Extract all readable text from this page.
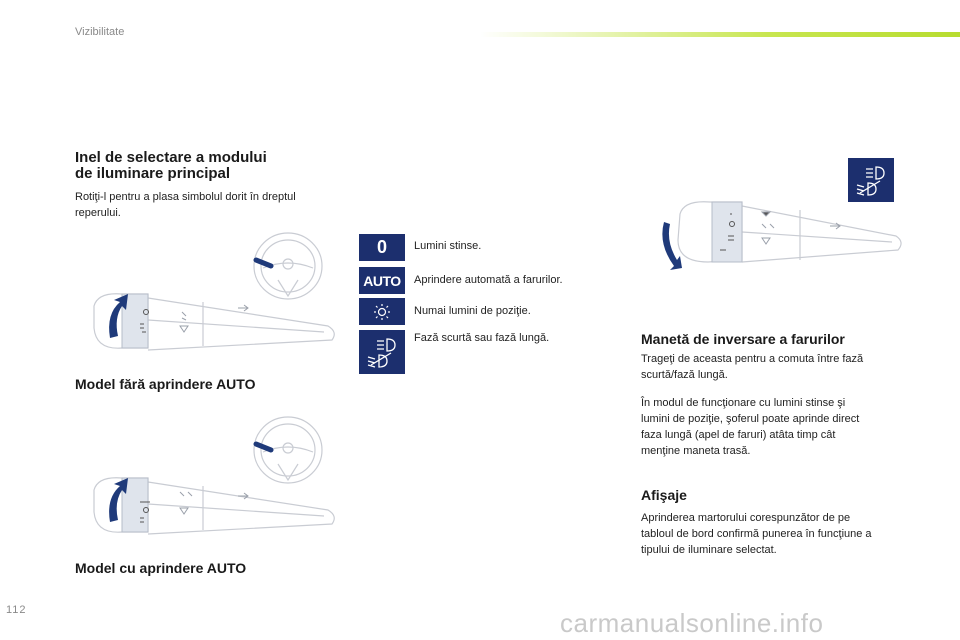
Vizibilitate
Inel de selectare a modului
de iluminare principal
Rotiţi-l pentru a plasa simbolul dorit în dreptul
reperului.
Model fără aprindere AUTO
Model cu aprindere AUTO
0 Lumini stinse.
AUTO Aprindere automată a farurilor.
Numai lumini de poziţie.
Fază scurtă sau fază lungă.	Manetă de inversare a farurilor
Trageţi de aceasta pentru a comuta între fază
scurtă/fază lungă.
În modul de funcţionare cu lumini stinse şi
lumini de poziţie, şoferul poate aprinde direct
faza lungă (apel de faruri) atâta timp cât
menţine maneta trasă.
Afişaje
Aprinderea martorului corespunzător de pe
tabloul de bord confirmă punerea în funcţiune a
tipului de iluminare selectat.
112	carmanualsonline.info
